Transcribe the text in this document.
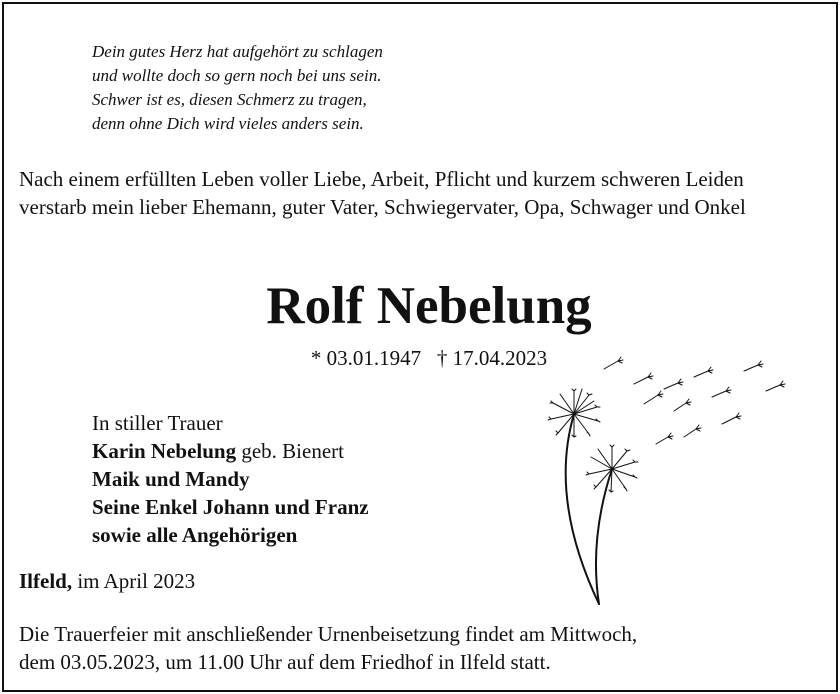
Dein gutes Herz hat aufgehört zu schlagen
und wollte doch so gern noch bei uns sein.
Schwer ist es, diesen Schmerz zu tragen,
denn ohne Dich wird vieles anders sein.
Nach einem erfüllten Leben voller Liebe, Arbeit, Pflicht und kurzem schweren Leiden
verstarb mein lieber Ehemann, guter Vater, Schwiegervater, Opa, Schwager und Onkel
Rolf Nebelung
* 03.01.1947   † 17.04.2023
In stiller Trauer
Karin Nebelung geb. Bienert
Maik und Mandy
Seine Enkel Johann und Franz
sowie alle Angehörigen
Ilfeld, im April 2023
Die Trauerfeier mit anschließender Urnenbeisetzung findet am Mittwoch,
dem 03.05.2023, um 11.00 Uhr auf dem Friedhof in Ilfeld statt.
